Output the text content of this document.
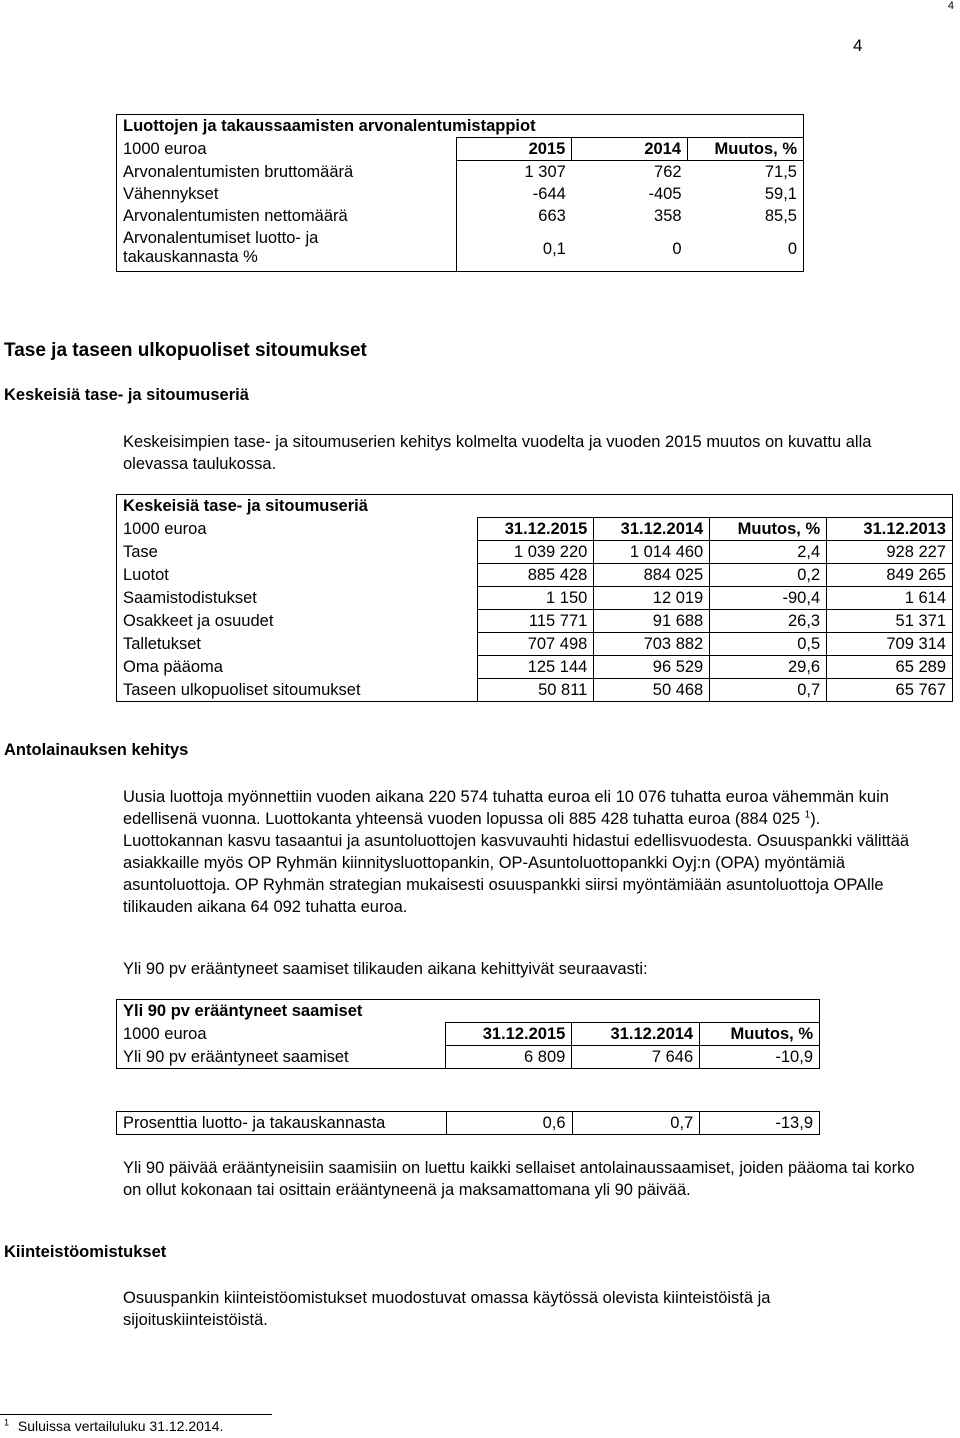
4
4
Luottojen ja takaussaamisten arvonalentumistappiot			
1000 euroa	2015	2014	Muutos, %
Arvonalentumisten bruttomäärä	1 307	762	71,5
Vähennykset	-644	-405	59,1
Arvonalentumisten nettomäärä	663	358	85,5
Arvonalentumiset luotto- ja
takauskannasta %	0,1	0	0
Tase ja taseen ulkopuoliset sitoumukset
Keskeisiä tase- ja sitoumuseriä

Keskeisimpien tase- ja sitoumuserien kehitys kolmelta vuodelta ja vuoden 2015 muutos on kuvattu alla olevassa taulukossa.

Keskeisiä tase- ja sitoumuseriä				
1000 euroa	31.12.2015	31.12.2014	Muutos, %	31.12.2013
Tase	1 039 220	1 014 460	2,4	928 227
Luotot	885 428	884 025	0,2	849 265
Saamistodistukset	1 150	12 019	-90,4	1 614
Osakkeet ja osuudet	115 771	91 688	26,3	51 371
Talletukset	707 498	703 882	0,5	709 314
Oma pääoma	125 144	96 529	29,6	65 289
Taseen ulkopuoliset sitoumukset	50 811	50 468	0,7	65 767
Antolainauksen kehitys

Uusia luottoja myönnettiin vuoden aikana 220 574 tuhatta euroa eli 10 076 tuhatta euroa vähemmän kuin edellisenä vuonna. Luottokanta yhteensä vuoden lopussa oli 885 428 tuhatta euroa (884 025 $^1$). Luottokannan kasvu tasaantui ja asuntoluottojen kasvuvauhti hidastui edellisvuodesta. Osuuspankki välittää asiakkaille myös OP Ryhmän kiinnitysluottopankin, OP-Asuntoluottopankki Oyj:n (OPA) myöntämiä asuntoluottoja. OP Ryhmän strategian mukaisesti osuuspankki siirsi myöntämiään asuntoluottoja OPAlle tilikauden aikana 64 092 tuhatta euroa.

Yli 90 pv erääntyneet saamiset tilikauden aikana kehittyivät seuraavasti:

Yli 90 pv erääntyneet saamiset			
1000 euroa	31.12.2015	31.12.2014	Muutos, %
Yli 90 pv erääntyneet saamiset	6 809	7 646	-10,9
Prosenttia luotto- ja takauskannasta	0,6	0,7	-13,9

Yli 90 päivää erääntyneisiin saamisiin on luettu kaikki sellaiset antolainaussaamiset, joiden pääoma tai korko on ollut kokonaan tai osittain erääntyneenä ja maksamattomana yli 90 päivää.

Kiinteistöomistukset

Osuuspankin kiinteistöomistukset muodostuvat omassa käytössä olevista kiinteistöistä ja sijoituskiinteistöistä.

$^1$ Suluissa vertailuluku 31.12.2014.
